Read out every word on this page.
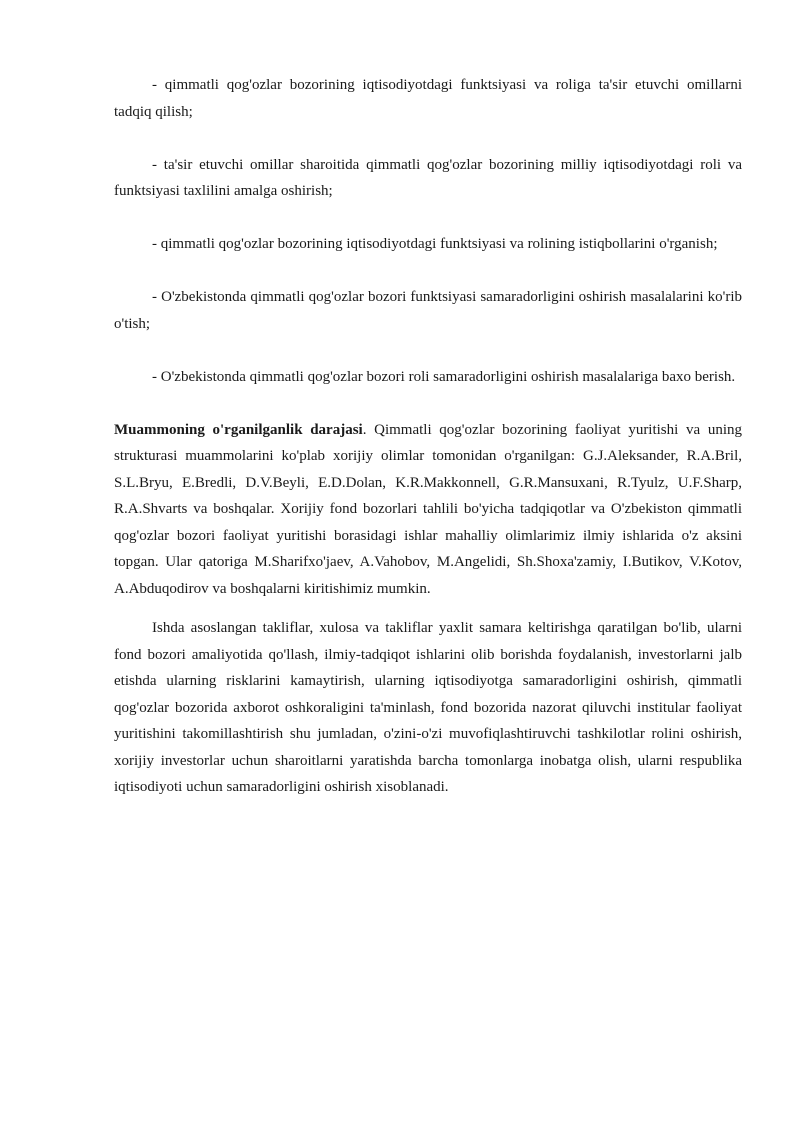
- qimmatli qog'ozlar bozorining iqtisodiyotdagi funktsiyasi va roliga ta'sir etuvchi omillarni tadqiq qilish;

- ta'sir etuvchi omillar sharoitida qimmatli qog'ozlar bozorining milliy iqtisodiyotdagi roli va funktsiyasi taxlilini amalga oshirish;

- qimmatli qog'ozlar bozorining iqtisodiyotdagi funktsiyasi va rolining istiqbollarini o'rganish;

- O'zbekistonda qimmatli qog'ozlar bozori funktsiyasi samaradorligini oshirish masalalarini ko'rib o'tish;

- O'zbekistonda qimmatli qog'ozlar bozori roli samaradorligini oshirish masalalariga baxo berish.

Muammoning o'rganilganlik darajasi. Qimmatli qog'ozlar bozorining faoliyat yuritishi va uning strukturasi muammolarini ko'plab xorijiy olimlar tomonidan o'rganilgan: G.J.Aleksander, R.A.Bril, S.L.Bryu, E.Bredli, D.V.Beyli, E.D.Dolan, K.R.Makkonnell, G.R.Mansuxani, R.Tyulz, U.F.Sharp, R.A.Shvarts va boshqalar. Xorijiy fond bozorlari tahlili bo'yicha tadqiqotlar va O'zbekiston qimmatli qog'ozlar bozori faoliyat yuritishi borasidagi ishlar mahalliy olimlarimiz ilmiy ishlarida o'z aksini topgan. Ular qatoriga M.Sharifxo'jaev, A.Vahobov, M.Angelidi, Sh.Shoxa'zamiy, I.Butikov, V.Kotov, A.Abduqodirov va boshqalarni kiritishimiz mumkin.

Ishda asoslangan takliflar, xulosa va takliflar yaxlit samara keltirishga qaratilgan bo'lib, ularni fond bozori amaliyotida qo'llash, ilmiy-tadqiqot ishlarini olib borishda foydalanish, investorlarni jalb etishda ularning risklarini kamaytirish, ularning iqtisodiyotga samaradorligini oshirish, qimmatli qog'ozlar bozorida axborot oshkoraligini ta'minlash, fond bozorida nazorat qiluvchi institular faoliyat yuritishini takomillashtirish shu jumladan, o'zini-o'zi muvofiqlashtiruvchi tashkilotlar rolini oshirish, xorijiy investorlar uchun sharoitlarni yaratishda barcha tomonlarga inobatga olish, ularni respublika iqtisodiyoti uchun samaradorligini oshirish xisoblanadi.
